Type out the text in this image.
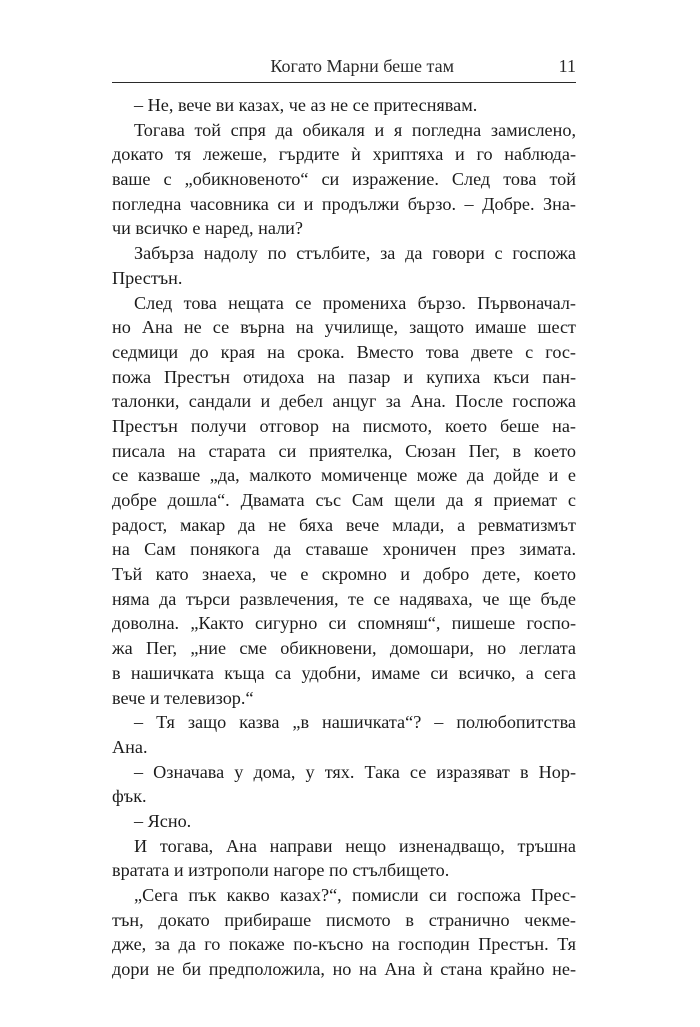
Когато Марни беше там	11
– Не, вече ви казах, че аз не се притеснявам.
Тогава той спря да обикаля и я погледна замислено,
докато тя лежеше, гърдите ѝ хриптяха и го наблюда-
ваше с „обикновеното“ си изражение. След това той
погледна часовника си и продължи бързо. – Добре. Зна-
чи всичко е наред, нали?
Забърза надолу по стълбите, за да говори с госпожа
Престън.
След това нещата се промениха бързо. Първоначал-
но Ана не се върна на училище, защото имаше шест
седмици до края на срока. Вместо това двете с гос-
пожа Престън отидоха на пазар и купиха къси пан-
талонки, сандали и дебел анцуг за Ана. После госпожа
Престън получи отговор на писмото, което беше на-
писала на старата си приятелка, Сюзан Пег, в което
се казваше „да, малкото момиченце може да дойде и е
добре дошла“. Двамата със Сам щели да я приемат с
радост, макар да не бяха вече млади, а ревматизмът
на Сам понякога да ставаше хроничен през зимата.
Тъй като знаеха, че е скромно и добро дете, което
няма да търси развлечения, те се надяваха, че ще бъде
доволна. „Както сигурно си спомняш“, пишеше госпо-
жа Пег, „ние сме обикновени, домошари, но леглата
в нашичката къща са удобни, имаме си всичко, а сега
вече и телевизор.“
– Тя защо казва „в нашичката“? – полюбопитства
Ана.
– Означава у дома, у тях. Така се изразяват в Нор-
фък.
– Ясно.
И тогава, Ана направи нещо изненадващо, тръшна
вратата и изтрополи нагоре по стълбището.
„Сега пък какво казах?“, помисли си госпожа Прес-
тън, докато прибираше писмото в странично чекме-
дже, за да го покаже по-късно на господин Престън. Тя
дори не би предположила, но на Ана ѝ стана крайно не-
